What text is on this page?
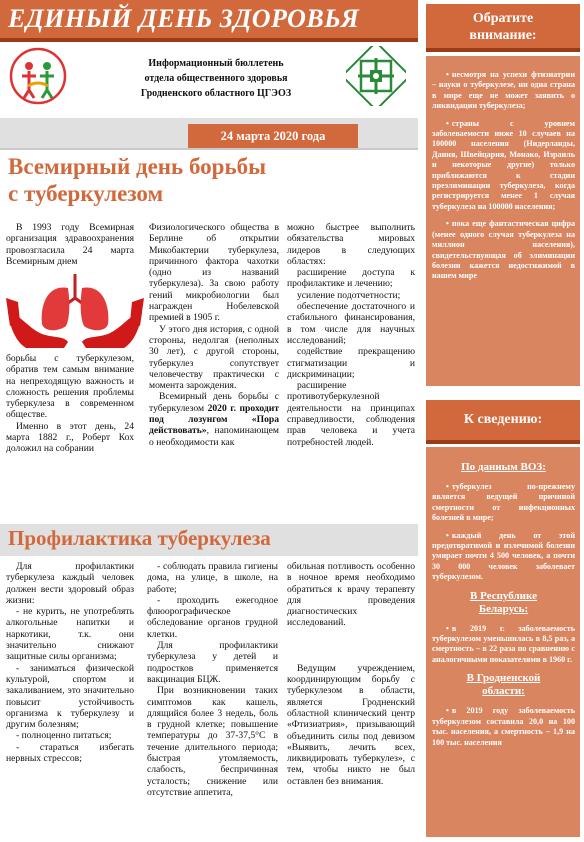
ЕДИНЫЙ ДЕНЬ ЗДОРОВЬЯ
Информационный бюллетень
отдела общественного здоровья
Гродненского областного ЦГЭОЗ
24 марта 2020 года
Всемирный день борьбы
с туберкулезом

В 1993 году Всемирная организация здравоохранения провозгласила 24 марта Всемирным днем

борьбы с туберкулезом, обратив тем самым внимание на непреходящую важность и сложность решения проблемы туберкулеза в современном обществе.

Именно в этот день, 24 марта 1882 г., Роберт Кох доложил на собрании

Физиологического общества в Берлине об открытии Микобактерии туберкулеза, причинного фактора чахотки (одно из названий туберкулеза). За свою работу гений микробиологии был награжден Нобелевской премией в 1905 г.

У этого дня история, с одной стороны, недолгая (неполных 30 лет), с другой стороны, туберкулез сопутствует человечеству практически с момента зарождения.

Всемирный день борьбы с туберкулезом 2020 г. проходит под лозунгом «Пора действовать», напоминающем о необходимости как

можно быстрее выполнить обязательства мировых лидеров в следующих областях:

расширение доступа к профилактике и лечению;

усиление подотчетности;

обеспечение достаточного и стабильного финансирования, в том числе для научных исследований;

содействие прекращению стигматизации и дискриминации;

расширение противотуберкулезной деятельности на принципах справедливости, соблюдения прав человека и учета потребностей людей.

Профилактика туберкулеза

Для профилактики туберкулеза каждый человек должен вести здоровый образ жизни:

- не курить, не употреблять алкогольные напитки и наркотики, т.к. они значительно снижают защитные силы организма;

- заниматься физической культурой, спортом и закаливанием, это значительно повысит устойчивость организма к туберкулезу и другим болезням;

- полноценно питаться;

- стараться избегать нервных стрессов;

- соблюдать правила гигиены дома, на улице, в школе, на работе;

- проходить ежегодное флюорографическое обследование органов грудной клетки.

Для профилактики туберкулеза у детей и подростков применяется вакцинация БЦЖ.

При возникновении таких симптомов как кашель, длящийся более 3 недель, боль в грудной клетке; повышение температуры до 37-37,5°С в течение длительного периода; быстрая утомляемость, слабость, беспричинная усталость; снижение или отсутствие аппетита,

обильная потливость особенно в ночное время необходимо обратиться к врачу терапевту для проведения диагностических исследований.

Ведущим учреждением, координирующим борьбу с туберкулезом в области, является Гродненский областной клинический центр «Фтизиатрия», призывающий объединить силы под девизом «Выявить, лечить всех, ликвидировать туберкулез», с тем, чтобы никто не был оставлен без внимания.

Обратите
внимание:

• несмотря на успехи фтизиатрии – науки о туберкулезе, ни одна страна в мире еще не может заявить о ликвидации туберкулеза;

• страны с уровнем заболеваемости ниже 10 случаев на 100000 населения (Нидерланды, Дания, Швейцария, Монако, Израиль и некоторые другие) только приближаются к стадии преэлиминации туберкулеза, когда регистрируется менее 1 случая туберкулеза на 100000 населения;

• пока еще фантастическая цифра (менее одного случая туберкулеза на миллион населения), свидетельствующая об элиминации болезни кажется недостижимой в нашем мире

К сведению:
По данным ВОЗ:

• туберкулез по-прежнему является ведущей причиной смертности от инфекционных болезней в мире;

• каждый день от этой предотвратимой и излечимой болезни умирает почти 4 500 человек, а почти 30 000 человек заболевает туберкулезом.

В Республике
Беларусь:

• в 2019 г. заболеваемость туберкулезом уменьшилась в 8,5 раз, а смертность – в 22 раза по сравнению с аналогичными показателями в 1960 г.

В Гродненской
области:

• в 2019 году заболеваемость туберкулезом составила 20,0 на 100 тыс. населения, а смертность – 1,9 на 100 тыс. населения
